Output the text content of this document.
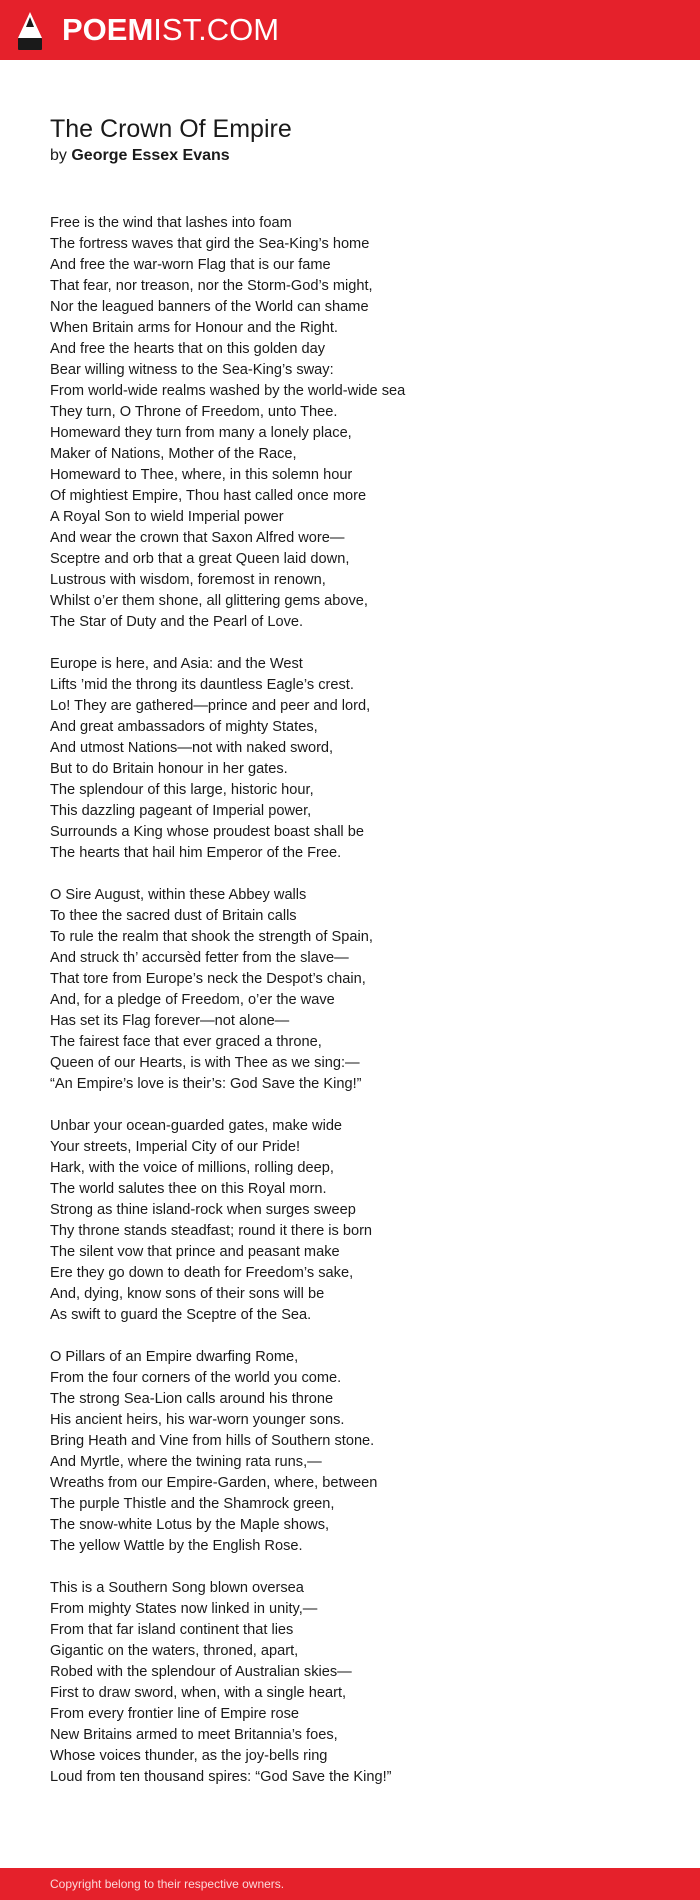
POEMIST.COM
The Crown Of Empire
by George Essex Evans
Free is the wind that lashes into foam
The fortress waves that gird the Sea-King’s home
And free the war-worn Flag that is our fame
That fear, nor treason, nor the Storm-God’s might,
Nor the leagued banners of the World can shame
When Britain arms for Honour and the Right.
And free the hearts that on this golden day
Bear willing witness to the Sea-King’s sway:
From world-wide realms washed by the world-wide sea
They turn, O Throne of Freedom, unto Thee.
Homeward they turn from many a lonely place,
Maker of Nations, Mother of the Race,
Homeward to Thee, where, in this solemn hour
Of mightiest Empire, Thou hast called once more
A Royal Son to wield Imperial power
And wear the crown that Saxon Alfred wore—
Sceptre and orb that a great Queen laid down,
Lustrous with wisdom, foremost in renown,
Whilst o’er them shone, all glittering gems above,
The Star of Duty and the Pearl of Love.
Europe is here, and Asia: and the West
Lifts ’mid the throng its dauntless Eagle’s crest.
Lo! They are gathered—prince and peer and lord,
And great ambassadors of mighty States,
And utmost Nations—not with naked sword,
But to do Britain honour in her gates.
The splendour of this large, historic hour,
This dazzling pageant of Imperial power,
Surrounds a King whose proudest boast shall be
The hearts that hail him Emperor of the Free.
O Sire August, within these Abbey walls
To thee the sacred dust of Britain calls
To rule the realm that shook the strength of Spain,
And struck th’ accursèd fetter from the slave—
That tore from Europe’s neck the Despot’s chain,
And, for a pledge of Freedom, o’er the wave
Has set its Flag forever—not alone—
The fairest face that ever graced a throne,
Queen of our Hearts, is with Thee as we sing:—
“An Empire’s love is their’s: God Save the King!”
Unbar your ocean-guarded gates, make wide
Your streets, Imperial City of our Pride!
Hark, with the voice of millions, rolling deep,
The world salutes thee on this Royal morn.
Strong as thine island-rock when surges sweep
Thy throne stands steadfast; round it there is born
The silent vow that prince and peasant make
Ere they go down to death for Freedom’s sake,
And, dying, know sons of their sons will be
As swift to guard the Sceptre of the Sea.
O Pillars of an Empire dwarfing Rome,
From the four corners of the world you come.
The strong Sea-Lion calls around his throne
His ancient heirs, his war-worn younger sons.
Bring Heath and Vine from hills of Southern stone.
And Myrtle, where the twining rata runs,—
Wreaths from our Empire-Garden, where, between
The purple Thistle and the Shamrock green,
The snow-white Lotus by the Maple shows,
The yellow Wattle by the English Rose.
This is a Southern Song blown oversea
From mighty States now linked in unity,—
From that far island continent that lies
Gigantic on the waters, throned, apart,
Robed with the splendour of Australian skies—
First to draw sword, when, with a single heart,
From every frontier line of Empire rose
New Britains armed to meet Britannia’s foes,
Whose voices thunder, as the joy-bells ring
Loud from ten thousand spires: “God Save the King!”
Copyright belong to their respective owners.
